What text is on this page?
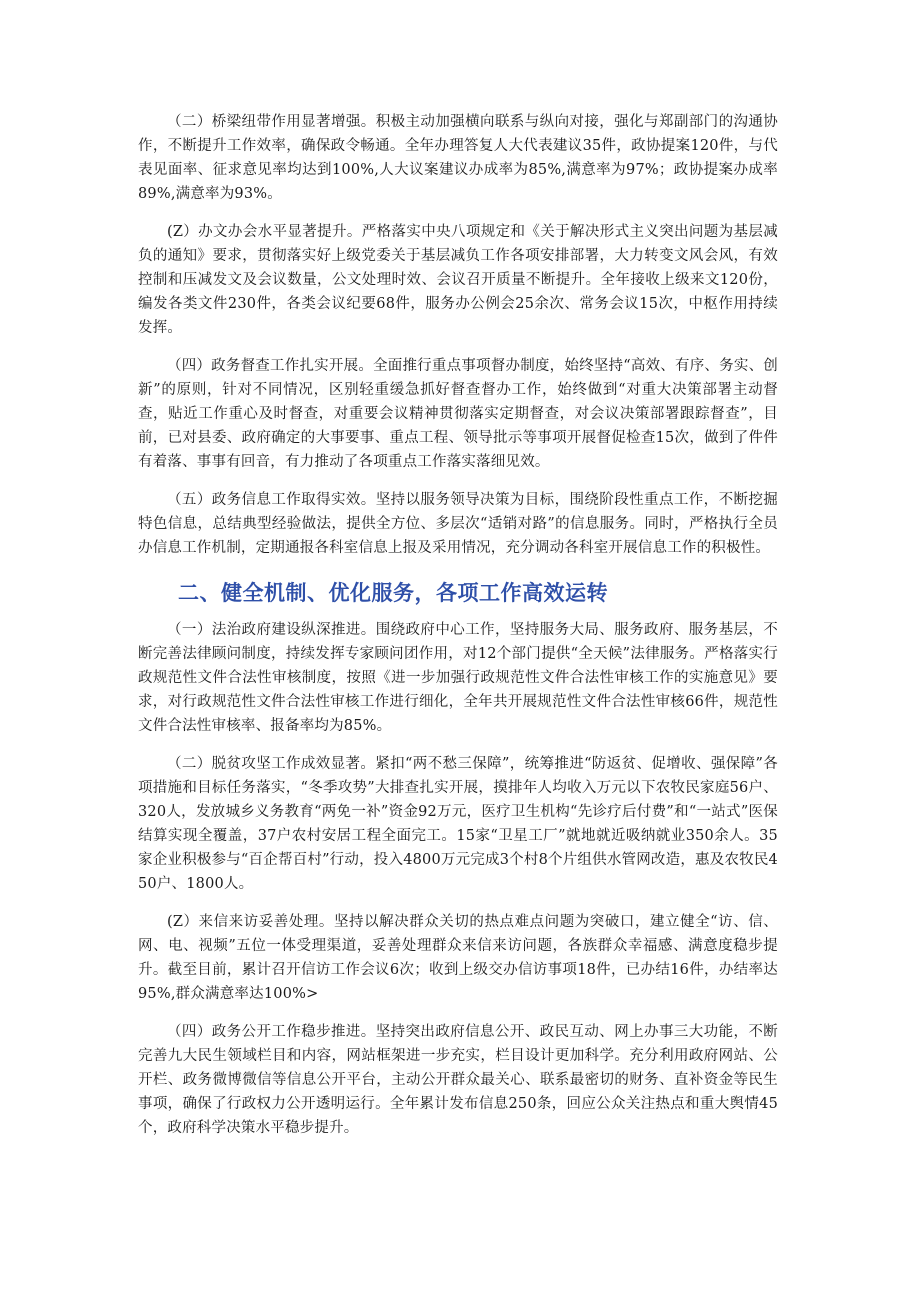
（二）桥梁纽带作用显著增强。积极主动加强横向联系与纵向对接，强化与郑副部门的沟通协作，不断提升工作效率，确保政令畅通。全年办理答复人大代表建议35件，政协提案120件，与代表见面率、征求意见率均达到100%,人大议案建议办成率为85%,满意率为97%；政协提案办成率89%,满意率为93%。

(Z）办文办会水平显著提升。严格落实中央八项规定和《关于解决形式主义突出问题为基层减负的通知》要求，贯彻落实好上级党委关于基层减负工作各项安排部署，大力转变文风会风，有效控制和压减发文及会议数量，公文处理时效、会议召开质量不断提升。全年接收上级来文120份，编发各类文件230件，各类会议纪要68件，服务办公例会25余次、常务会议15次，中枢作用持续发挥。

（四）政务督查工作扎实开展。全面推行重点事项督办制度，始终坚持“高效、有序、务实、创新”的原则，针对不同情况，区别轻重缓急抓好督查督办工作，始终做到“对重大决策部署主动督查，贴近工作重心及时督查，对重要会议精神贯彻落实定期督查，对会议决策部署跟踪督查”，目前，已对县委、政府确定的大事要事、重点工程、领导批示等事项开展督促检查15次，做到了件件有着落、事事有回音，有力推动了各项重点工作落实落细见效。

（五）政务信息工作取得实效。坚持以服务领导决策为目标，围绕阶段性重点工作，不断挖掘特色信息，总结典型经验做法，提供全方位、多层次“适销对路”的信息服务。同时，严格执行全员办信息工作机制，定期通报各科室信息上报及采用情况，充分调动各科室开展信息工作的积极性。

二、健全机制、优化服务，各项工作高效运转

（一）法治政府建设纵深推进。围绕政府中心工作，坚持服务大局、服务政府、服务基层，不断完善法律顾问制度，持续发挥专家顾问团作用，对12个部门提供“全天候”法律服务。严格落实行政规范性文件合法性审核制度，按照《进一步加强行政规范性文件合法性审核工作的实施意见》要求，对行政规范性文件合法性审核工作进行细化，全年共开展规范性文件合法性审核66件，规范性文件合法性审核率、报备率均为85%。

（二）脱贫攻坚工作成效显著。紧扣“两不愁三保障”，统筹推进“防返贫、促增收、强保障”各项措施和目标任务落实，“冬季攻势”大排查扎实开展，摸排年人均收入万元以下农牧民家庭56户、320人，发放城乡义务教育“两免一补”资金92万元，医疗卫生机构“先诊疗后付费”和“一站式”医保结算实现全覆盖，37户农村安居工程全面完工。15家“卫星工厂”就地就近吸纳就业350余人。35家企业积极参与“百企帮百村”行动，投入4800万元完成3个村8个片组供水管网改造，惠及农牧民450户、1800人。

(Z）来信来访妥善处理。坚持以解决群众关切的热点难点问题为突破口，建立健全“访、信、网、电、视频”五位一体受理渠道，妥善处理群众来信来访问题，各族群众幸福感、满意度稳步提升。截至目前，累计召开信访工作会议6次；收到上级交办信访事项18件，已办结16件，办结率达95%,群众满意率达100%>

（四）政务公开工作稳步推进。坚持突出政府信息公开、政民互动、网上办事三大功能，不断完善九大民生领域栏目和内容，网站框架进一步充实，栏目设计更加科学。充分利用政府网站、公开栏、政务微博微信等信息公开平台，主动公开群众最关心、联系最密切的财务、直补资金等民生事项，确保了行政权力公开透明运行。全年累计发布信息250条，回应公众关注热点和重大舆情45个，政府科学决策水平稳步提升。
